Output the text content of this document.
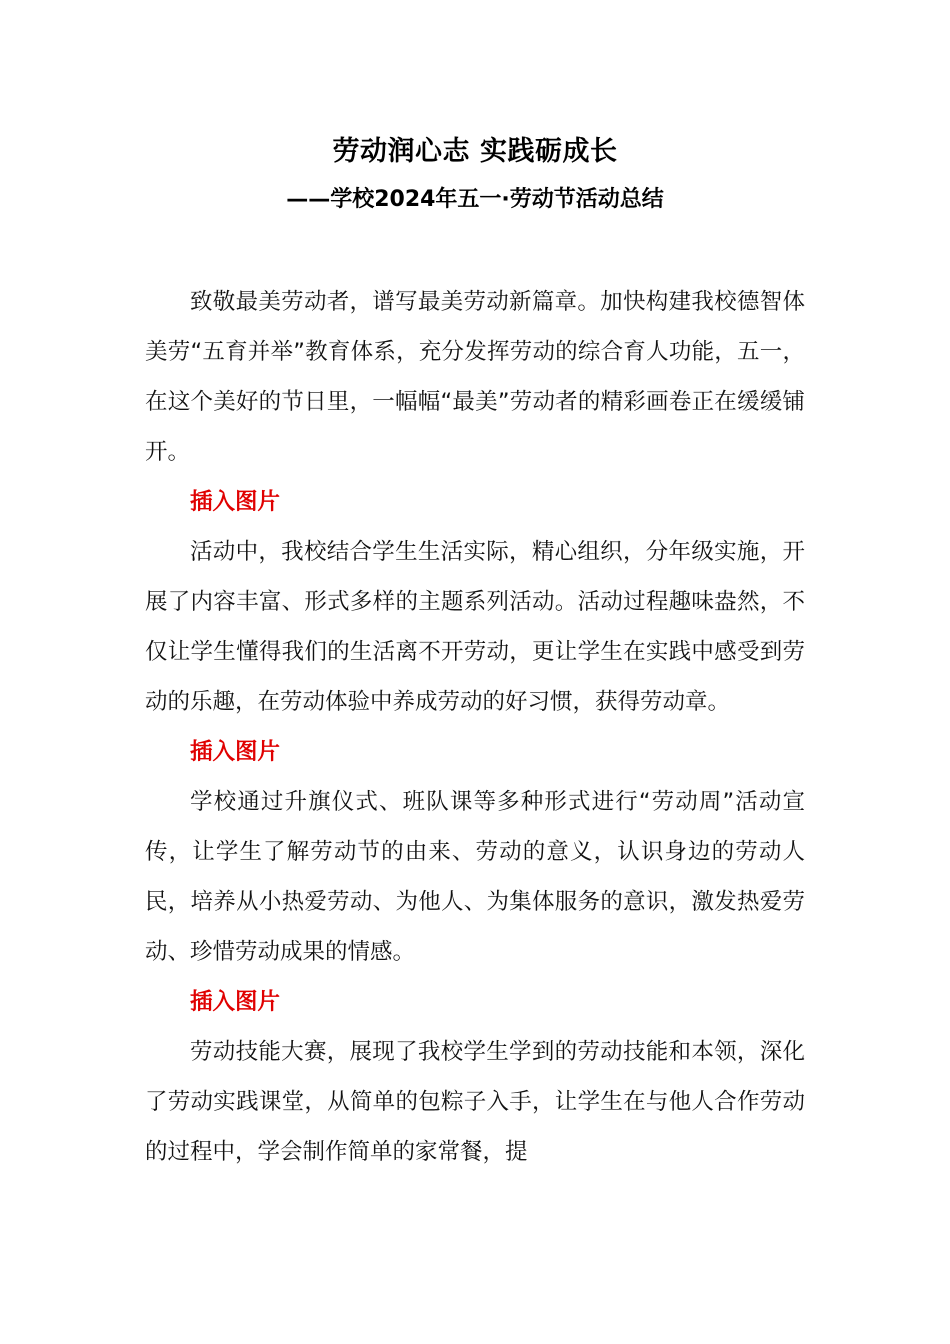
劳动润心志 实践砺成长
——学校2024年五一·劳动节活动总结

致敬最美劳动者，谱写最美劳动新篇章。加快构建我校德智体美劳“五育并举”教育体系，充分发挥劳动的综合育人功能，五一，在这个美好的节日里，一幅幅“最美”劳动者的精彩画卷正在缓缓铺开。

插入图片

活动中，我校结合学生生活实际，精心组织，分年级实施，开展了内容丰富、形式多样的主题系列活动。活动过程趣味盎然，不仅让学生懂得我们的生活离不开劳动，更让学生在实践中感受到劳动的乐趣，在劳动体验中养成劳动的好习惯，获得劳动章。

插入图片

学校通过升旗仪式、班队课等多种形式进行“劳动周”活动宣传，让学生了解劳动节的由来、劳动的意义，认识身边的劳动人民，培养从小热爱劳动、为他人、为集体服务的意识，激发热爱劳动、珍惜劳动成果的情感。

插入图片

劳动技能大赛，展现了我校学生学到的劳动技能和本领，深化了劳动实践课堂，从简单的包粽子入手，让学生在与他人合作劳动的过程中，学会制作简单的家常餐，提
